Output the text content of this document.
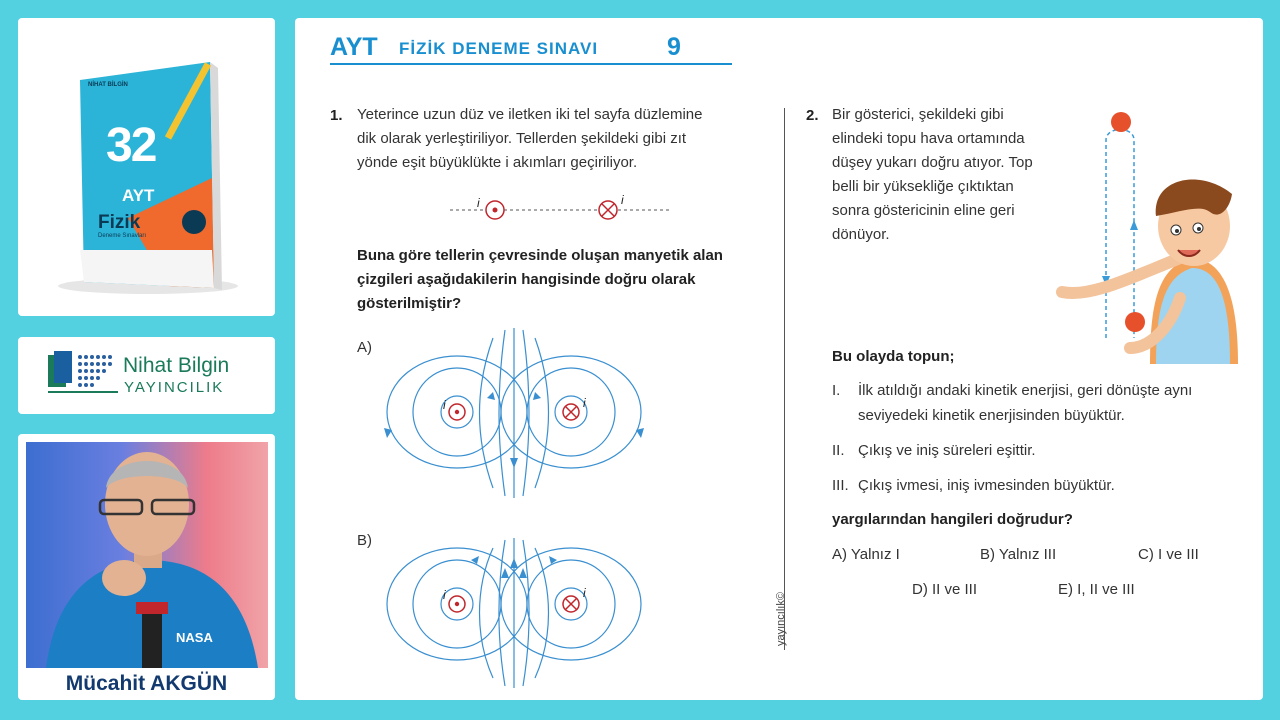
NİHAT BİLGİN
32
AYT
Fizik
Deneme Sınavları
Nihat Bilgin
YAYINCILIK
NASA
Mücahit AKGÜN
AYT FİZİK DENEME SINAVI	9
1. Yeterince uzun düz ve iletken iki tel sayfa düzlemine
dik olarak yerleştiriliyor. Tellerden şekildeki gibi zıt
yönde eşit büyüklükte i akımları geçiriliyor.
i	i
Buna göre tellerin çevresinde oluşan manyetik alan
çizgileri aşağıdakilerin hangisinde doğru olarak
gösterilmiştir?
A)
i	i
B)
i	i	yayıncılık©
2. Bir gösterici, şekildeki gibi
elindeki topu hava ortamında
düşey yukarı doğru atıyor. Top
belli bir yüksekliğe çıktıktan
sonra göstericinin eline geri
dönüyor.
Bu olayda topun;
I. İlk atıldığı andaki kinetik enerjisi, geri dönüşte aynı
seviyedeki kinetik enerjisinden büyüktür.
II. Çıkış ve iniş süreleri eşittir.
III. Çıkış ivmesi, iniş ivmesinden büyüktür.
yargılarından hangileri doğrudur?
A) Yalnız I	B) Yalnız III	C) I ve III
D) II ve III	E) I, II ve III
